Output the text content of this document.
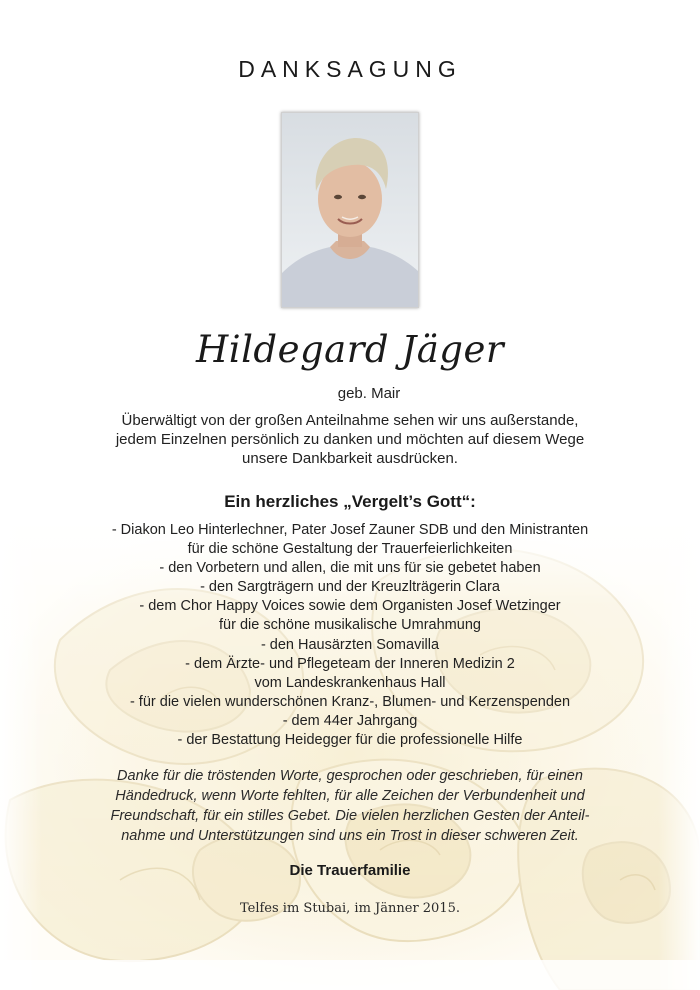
DANKSAGUNG
Hildegard Jäger
geb. Mair
Überwältigt von der großen Anteilnahme sehen wir uns außerstande,
jedem Einzelnen persönlich zu danken und möchten auf diesem Wege
unsere Dankbarkeit ausdrücken.
Ein herzliches „Vergelt’s Gott“:
- Diakon Leo Hinterlechner, Pater Josef Zauner SDB und den Ministranten
für die schöne Gestaltung der Trauerfeierlichkeiten
- den Vorbetern und allen, die mit uns für sie gebetet haben
- den Sargträgern und der Kreuzlträgerin Clara
- dem Chor Happy Voices sowie dem Organisten Josef Wetzinger
für die schöne musikalische Umrahmung
- den Hausärzten Somavilla
- dem Ärzte- und Pflegeteam der Inneren Medizin 2
vom Landeskrankenhaus Hall
- für die vielen wunderschönen Kranz-, Blumen- und Kerzenspenden
- dem 44er Jahrgang
- der Bestattung Heidegger für die professionelle Hilfe
Danke für die tröstenden Worte, gesprochen oder geschrieben, für einen
Händedruck, wenn Worte fehlten, für alle Zeichen der Verbundenheit und
Freundschaft, für ein stilles Gebet. Die vielen herzlichen Gesten der Anteil-
nahme und Unterstützungen sind uns ein Trost in dieser schweren Zeit.
Die Trauerfamilie
Telfes im Stubai, im Jänner 2015.
